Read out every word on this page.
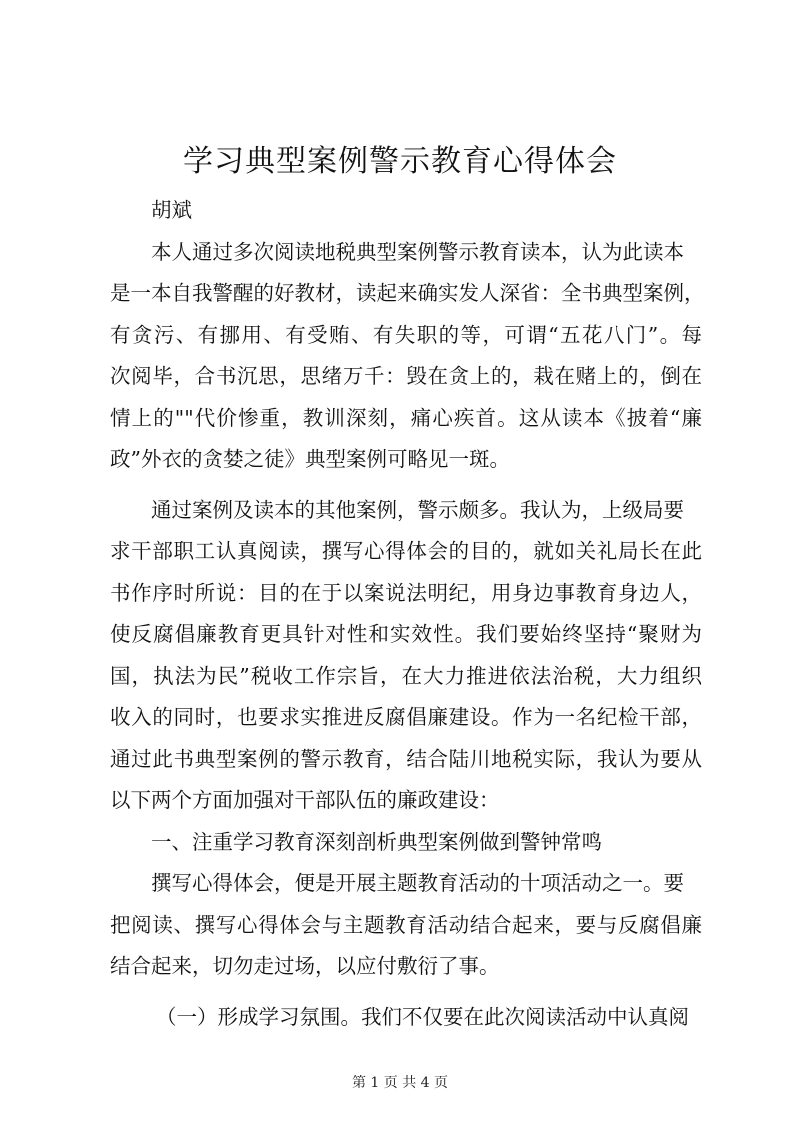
学习典型案例警示教育心得体会
胡斌
本人通过多次阅读地税典型案例警示教育读本，认为此读本
是一本自我警醒的好教材，读起来确实发人深省：全书典型案例，
有贪污、有挪用、有受贿、有失职的等，可谓“五花八门”。每
次阅毕，合书沉思，思绪万千：毁在贪上的，栽在赌上的，倒在
情上的""代价惨重，教训深刻，痛心疾首。这从读本《披着“廉
政”外衣的贪婪之徒》典型案例可略见一斑。
通过案例及读本的其他案例，警示颇多。我认为，上级局要
求干部职工认真阅读，撰写心得体会的目的，就如关礼局长在此
书作序时所说：目的在于以案说法明纪，用身边事教育身边人，
使反腐倡廉教育更具针对性和实效性。我们要始终坚持“聚财为
国，执法为民”税收工作宗旨，在大力推进依法治税，大力组织
收入的同时，也要求实推进反腐倡廉建设。作为一名纪检干部，
通过此书典型案例的警示教育，结合陆川地税实际，我认为要从
以下两个方面加强对干部队伍的廉政建设：
一、注重学习教育深刻剖析典型案例做到警钟常鸣
撰写心得体会，便是开展主题教育活动的十项活动之一。要
把阅读、撰写心得体会与主题教育活动结合起来，要与反腐倡廉
结合起来，切勿走过场，以应付敷衍了事。
（一）形成学习氛围。我们不仅要在此次阅读活动中认真阅
第 1 页 共 4 页
